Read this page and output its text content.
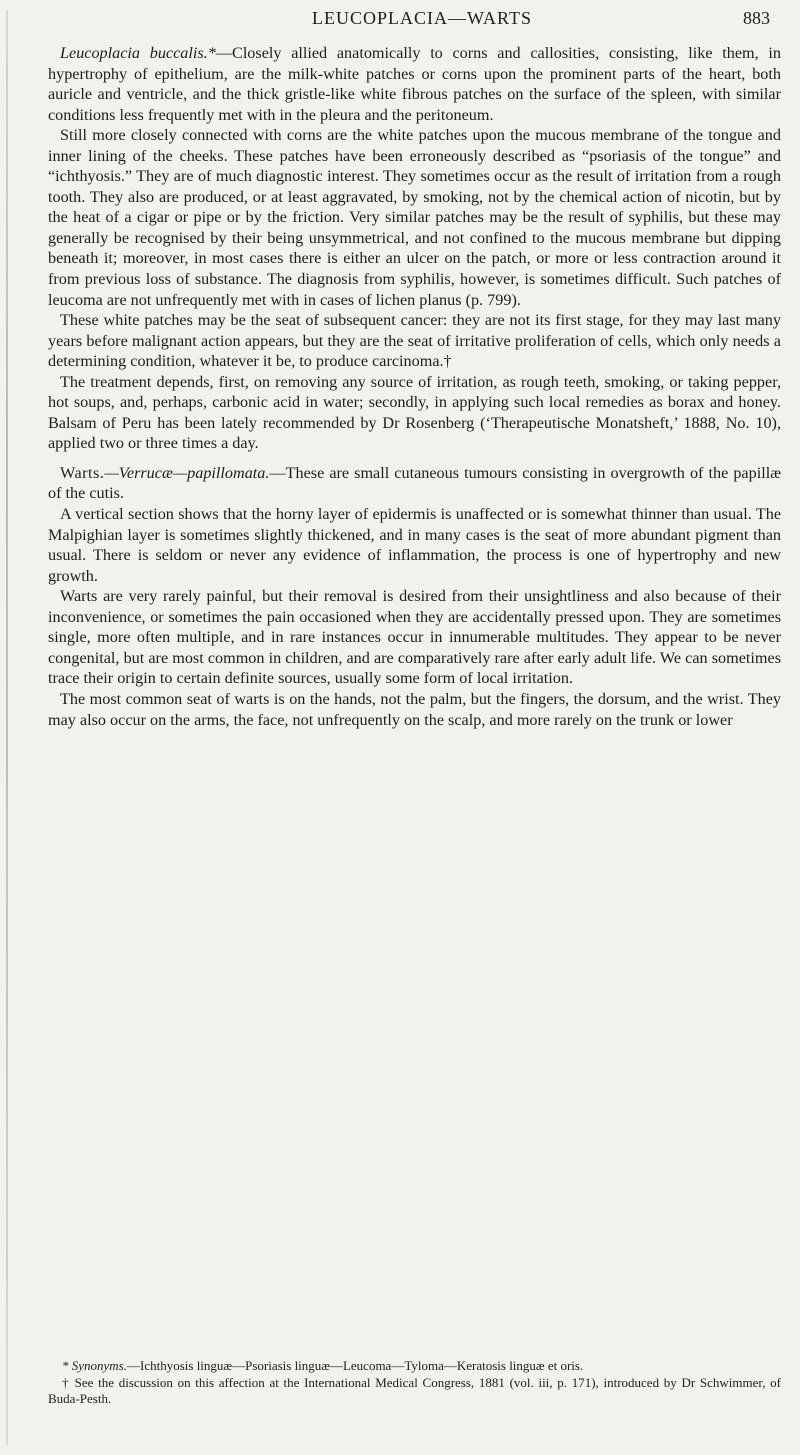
LEUCOPLACIA—WARTS	883

Leucoplacia buccalis.*—Closely allied anatomically to corns and callosities, consisting, like them, in hypertrophy of epithelium, are the milk-white patches or corns upon the prominent parts of the heart, both auricle and ventricle, and the thick gristle-like white fibrous patches on the surface of the spleen, with similar conditions less frequently met with in the pleura and the peritoneum.

Still more closely connected with corns are the white patches upon the mucous membrane of the tongue and inner lining of the cheeks. These patches have been erroneously described as “psoriasis of the tongue” and “ichthyosis.” They are of much diagnostic interest. They sometimes occur as the result of irritation from a rough tooth. They also are produced, or at least aggravated, by smoking, not by the chemical action of nicotin, but by the heat of a cigar or pipe or by the friction. Very similar patches may be the result of syphilis, but these may generally be recognised by their being unsymmetrical, and not confined to the mucous membrane but dipping beneath it; moreover, in most cases there is either an ulcer on the patch, or more or less contraction around it from previous loss of substance. The diagnosis from syphilis, however, is sometimes difficult. Such patches of leucoma are not unfrequently met with in cases of lichen planus (p. 799).

These white patches may be the seat of subsequent cancer: they are not its first stage, for they may last many years before malignant action appears, but they are the seat of irritative proliferation of cells, which only needs a determining condition, whatever it be, to produce carcinoma.†

The treatment depends, first, on removing any source of irritation, as rough teeth, smoking, or taking pepper, hot soups, and, perhaps, carbonic acid in water; secondly, in applying such local remedies as borax and honey. Balsam of Peru has been lately recommended by Dr Rosenberg (‘Therapeutische Monatsheft,’ 1888, No. 10), applied two or three times a day.

Warts.—Verrucæ—papillomata.—These are small cutaneous tumours consisting in overgrowth of the papillæ of the cutis.

A vertical section shows that the horny layer of epidermis is unaffected or is somewhat thinner than usual. The Malpighian layer is sometimes slightly thickened, and in many cases is the seat of more abundant pigment than usual. There is seldom or never any evidence of inflammation, the process is one of hypertrophy and new growth.

Warts are very rarely painful, but their removal is desired from their unsightliness and also because of their inconvenience, or sometimes the pain occasioned when they are accidentally pressed upon. They are sometimes single, more often multiple, and in rare instances occur in innumerable multitudes. They appear to be never congenital, but are most common in children, and are comparatively rare after early adult life. We can sometimes trace their origin to certain definite sources, usually some form of local irritation.

The most common seat of warts is on the hands, not the palm, but the fingers, the dorsum, and the wrist. They may also occur on the arms, the face, not unfrequently on the scalp, and more rarely on the trunk or lower

* Synonyms.—Ichthyosis linguæ—Psoriasis linguæ—Leucoma—Tyloma—Keratosis linguæ et oris.

† See the discussion on this affection at the International Medical Congress, 1881 (vol. iii, p. 171), introduced by Dr Schwimmer, of Buda-Pesth.
